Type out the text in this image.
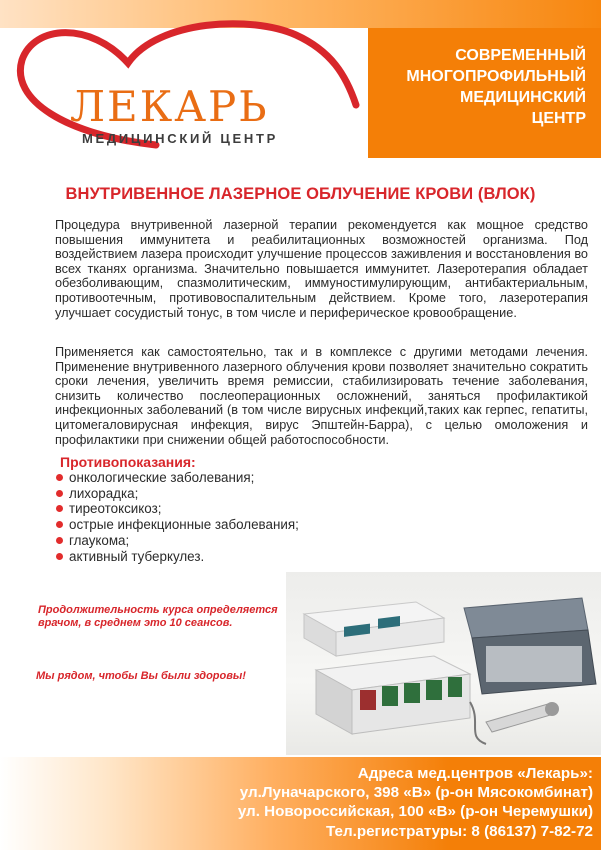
СОВРЕМЕННЫЙ
МНОГОПРОФИЛЬНЫЙ
МЕДИЦИНСКИЙ
ЦЕНТР
ЛЕКАРЬ
МЕДИЦИНСКИЙ ЦЕНТР
ВНУТРИВЕННОЕ ЛАЗЕРНОЕ ОБЛУЧЕНИЕ КРОВИ (ВЛОК)
Процедура внутривенной лазерной терапии рекомендуется как мощное средство повышения иммунитета и реабилитационных возможностей организма. Под воздействием лазера происходит улучшение процессов заживления и восстановления во всех тканях организма. Значительно повышается иммунитет. Лазеротерапия обладает обезболивающим, спазмолитическим, иммуностимулирующим, антибактериальным, противоотечным, противовоспалительным действием. Кроме того, лазеротерапия улучшает сосудистый тонус, в том числе и периферическое кровообращение.
Применяется как самостоятельно, так и в комплексе с другими методами лечения. Применение внутривенного лазерного облучения крови позволяет значительно сократить сроки лечения, увеличить время ремиссии, стабилизировать течение заболевания, снизить количество послеоперационных осложнений, заняться профилактикой инфекционных заболеваний (в том числе вирусных инфекций,таких как герпес, гепатиты, цитомегаловирусная инфекция, вирус Эпштейн-Барра), с целью омоложения и профилактики при снижении общей работоспособности.
Противопоказания:
онкологические заболевания;
лихорадка;
тиреотоксикоз;
острые инфекционные заболевания;
глаукома;
активный туберкулез.
Продолжительность курса определяется врачом, в среднем это 10 сеансов.
Мы рядом, чтобы Вы были здоровы!
Адреса мед.центров «Лекарь»:
ул.Луначарского, 398 «В» (р-он Мясокомбинат)
ул. Новороссийская, 100 «В» (р-он Черемушки)
Тел.регистратуры: 8 (86137) 7-82-72
